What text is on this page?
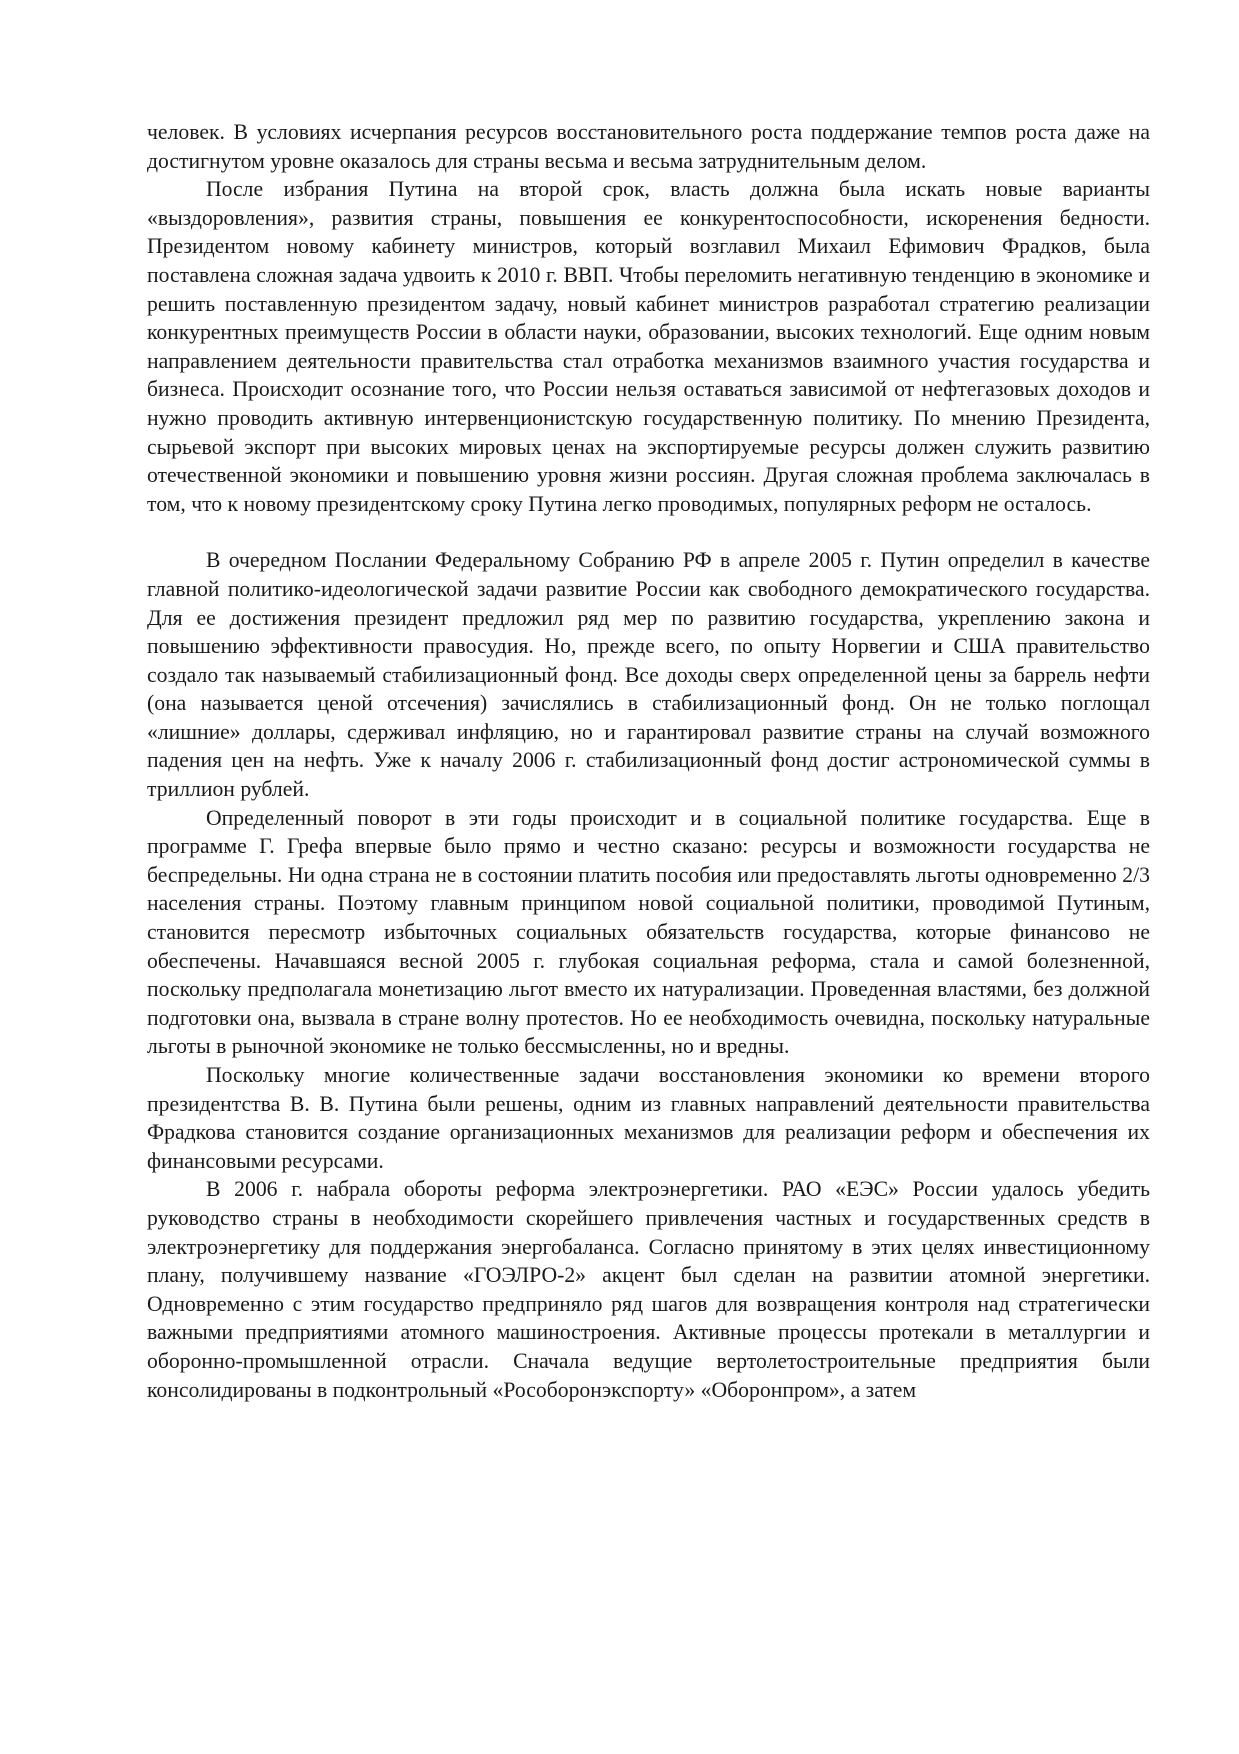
человек. В условиях исчерпания ресурсов восстановительного роста поддержание темпов роста даже на достигнутом уровне оказалось для страны весьма и весьма затруднительным делом.

После избрания Путина на второй срок, власть должна была искать новые варианты «выздоровления», развития страны, повышения ее конкурентоспособности, искоренения бедности. Президентом новому кабинету министров, который возглавил Михаил Ефимович Фрадков, была поставлена сложная задача удвоить к 2010 г. ВВП. Чтобы переломить негативную тенденцию в экономике и решить поставленную президентом задачу, новый кабинет министров разработал стратегию реализации конкурентных преимуществ России в области науки, образовании, высоких технологий. Еще одним новым направлением деятельности правительства стал отработка механизмов взаимного участия государства и бизнеса. Происходит осознание того, что России нельзя оставаться зависимой от нефтегазовых доходов и нужно проводить активную интервенционистскую государственную политику. По мнению Президента, сырьевой экспорт при высоких мировых ценах на экспортируемые ресурсы должен служить развитию отечественной экономики и повышению уровня жизни россиян. Другая сложная проблема заключалась в том, что к новому президентскому сроку Путина легко проводимых, популярных реформ не осталось.

В очередном Послании Федеральному Собранию РФ в апреле 2005 г. Путин определил в качестве главной политико-идеологической задачи развитие России как свободного демократического государства. Для ее достижения президент предложил ряд мер по развитию государства, укреплению закона и повышению эффективности правосудия. Но, прежде всего, по опыту Норвегии и США правительство создало так называемый стабилизационный фонд. Все доходы сверх определенной цены за баррель нефти (она называется ценой отсечения) зачислялись в стабилизационный фонд. Он не только поглощал «лишние» доллары, сдерживал инфляцию, но и гарантировал развитие страны на случай возможного падения цен на нефть. Уже к началу 2006 г. стабилизационный фонд достиг астрономической суммы в триллион рублей.

Определенный поворот в эти годы происходит и в социальной политике государства. Еще в программе Г. Грефа впервые было прямо и честно сказано: ресурсы и возможности государства не беспредельны. Ни одна страна не в состоянии платить пособия или предоставлять льготы одновременно 2/3 населения страны. Поэтому главным принципом новой социальной политики, проводимой Путиным, становится пересмотр избыточных социальных обязательств государства, которые финансово не обеспечены. Начавшаяся весной 2005 г. глубокая социальная реформа, стала и самой болезненной, поскольку предполагала монетизацию льгот вместо их натурализации. Проведенная властями, без должной подготовки она, вызвала в стране волну протестов. Но ее необходимость очевидна, поскольку натуральные льготы в рыночной экономике не только бессмысленны, но и вредны.

Поскольку многие количественные задачи восстановления экономики ко времени второго президентства В. В. Путина были решены, одним из главных направлений деятельности правительства Фрадкова становится создание организационных механизмов для реализации реформ и обеспечения их финансовыми ресурсами.

В 2006 г. набрала обороты реформа электроэнергетики. РАО «ЕЭС» России удалось убедить руководство страны в необходимости скорейшего привлечения частных и государственных средств в электроэнергетику для поддержания энергобаланса. Согласно принятому в этих целях инвестиционному плану, получившему название «ГОЭЛРО-2» акцент был сделан на развитии атомной энергетики. Одновременно с этим государство предприняло ряд шагов для возвращения контроля над стратегически важными предприятиями атомного машиностроения. Активные процессы протекали в металлургии и оборонно-промышленной отрасли. Сначала ведущие вертолетостроительные предприятия были консолидированы в подконтрольный «Рособоронэкспорту» «Оборонпром», а затем
